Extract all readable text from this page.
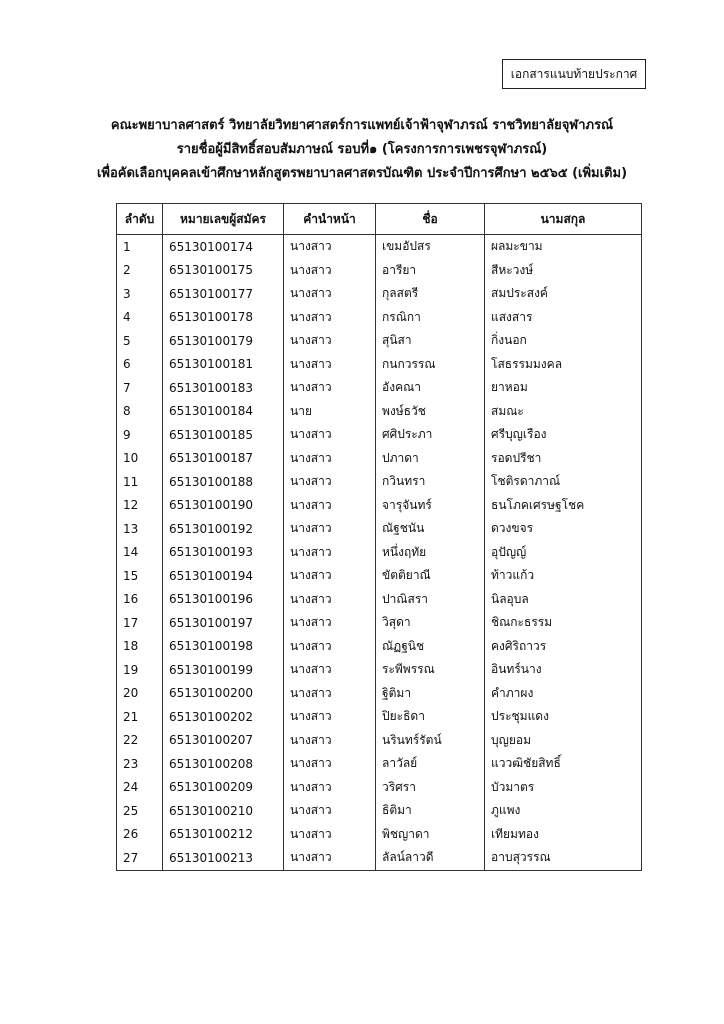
เอกสารแนบท้ายประกาศ
คณะพยาบาลศาสตร์ วิทยาลัยวิทยาศาสตร์การแพทย์เจ้าฟ้าจุฬาภรณ์ ราชวิทยาลัยจุฬาภรณ์
รายชื่อผู้มีสิทธิ์สอบสัมภาษณ์ รอบที่๑ (โครงการการเพชรจุฬาภรณ์)
เพื่อคัดเลือกบุคคลเข้าศึกษาหลักสูตรพยาบาลศาสตรบัณฑิต ประจำปีการศึกษา ๒๕๖๕ (เพิ่มเติม)
ลำดับ	หมายเลขผู้สมัคร	คำนำหน้า	ชื่อ	นามสกุล
1	65130100174	นางสาว	เขมอัปสร	ผลมะขาม
2	65130100175	นางสาว	อารียา	สีหะวงษ์
3	65130100177	นางสาว	กุลสตรี	สมประสงค์
4	65130100178	นางสาว	กรณิกา	แสงสาร
5	65130100179	นางสาว	สุนิสา	กิ่งนอก
6	65130100181	นางสาว	กนกวรรณ	โสธรรมมงคล
7	65130100183	นางสาว	อังคณา	ยาหอม
8	65130100184	นาย	พงษ์ธวัช	สมณะ
9	65130100185	นางสาว	ศศิประภา	ศรีบุญเรือง
10	65130100187	นางสาว	ปภาดา	รอดปรีชา
11	65130100188	นางสาว	กวินทรา	โชติรดาภาณ์
12	65130100190	นางสาว	จารุจันทร์	ธนโภคเศรษฐโชค
13	65130100192	นางสาว	ณัฐชนัน	ดวงขจร
14	65130100193	นางสาว	หนึ่งฤทัย	อุปัญญ์
15	65130100194	นางสาว	ขัตติยาณี	ท้าวแก้ว
16	65130100196	นางสาว	ปาณิสรา	นิลอุบล
17	65130100197	นางสาว	วิสุดา	ชิณกะธรรม
18	65130100198	นางสาว	ณัฏฐนิช	คงศิริถาวร
19	65130100199	นางสาว	ระพีพรรณ	อินทร์นาง
20	65130100200	นางสาว	ฐิติมา	คำภาผง
21	65130100202	นางสาว	ปิยะธิดา	ประชุมแดง
22	65130100207	นางสาว	นรินทร์รัตน์	บุญยอม
23	65130100208	นางสาว	ลาวัลย์	แววฒิชัยสิทธิ์
24	65130100209	นางสาว	วริศรา	บัวมาตร
25	65130100210	นางสาว	ธิติมา	ภูแพง
26	65130100212	นางสาว	พิชญาดา	เทียมทอง
27	65130100213	นางสาว	ลัลน์ลาวดี	อาบสุวรรณ
